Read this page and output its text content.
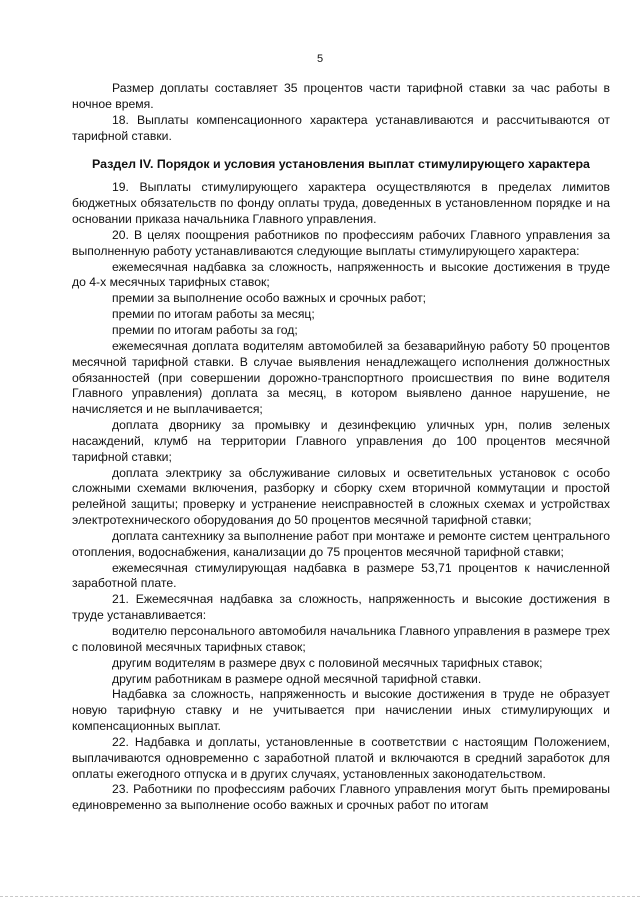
5

Размер доплаты составляет 35 процентов части тарифной ставки за час работы в ночное время.

18. Выплаты компенсационного характера устанавливаются и рассчитываются от тарифной ставки.

Раздел IV. Порядок и условия установления выплат стимулирующего характера

19. Выплаты стимулирующего характера осуществляются в пределах лимитов бюджетных обязательств по фонду оплаты труда, доведенных в установленном порядке и на основании приказа начальника Главного управления.

20. В целях поощрения работников по профессиям рабочих Главного управления за выполненную работу устанавливаются следующие выплаты стимулирующего характера:

ежемесячная надбавка за сложность, напряженность и высокие достижения в труде до 4-х месячных тарифных ставок;

премии за выполнение особо важных и срочных работ;

премии по итогам работы за месяц;

премии по итогам работы за год;

ежемесячная доплата водителям автомобилей за безаварийную работу 50 процентов месячной тарифной ставки. В случае выявления ненадлежащего исполнения должностных обязанностей (при совершении дорожно-транспортного происшествия по вине водителя Главного управления) доплата за месяц, в котором выявлено данное нарушение, не начисляется и не выплачивается;

доплата дворнику за промывку и дезинфекцию уличных урн, полив зеленых насаждений, клумб на территории Главного управления до 100 процентов месячной тарифной ставки;

доплата электрику за обслуживание силовых и осветительных установок с особо сложными схемами включения, разборку и сборку схем вторичной коммутации и простой релейной защиты; проверку и устранение неисправностей в сложных схемах и устройствах электротехнического оборудования до 50 процентов месячной тарифной ставки;

доплата сантехнику за выполнение работ при монтаже и ремонте систем центрального отопления, водоснабжения, канализации до 75 процентов месячной тарифной ставки;

ежемесячная стимулирующая надбавка в размере 53,71 процентов к начисленной заработной плате.

21. Ежемесячная надбавка за сложность, напряженность и высокие достижения в труде устанавливается:

водителю персонального автомобиля начальника Главного управления в размере трех с половиной месячных тарифных ставок;

другим водителям в размере двух с половиной месячных тарифных ставок;

другим работникам в размере одной месячной тарифной ставки.

Надбавка за сложность, напряженность и высокие достижения в труде не образует новую тарифную ставку и не учитывается при начислении иных стимулирующих и компенсационных выплат.

22. Надбавка и доплаты, установленные в соответствии с настоящим Положением, выплачиваются одновременно с заработной платой и включаются в средний заработок для оплаты ежегодного отпуска и в других случаях, установленных законодательством.

23. Работники по профессиям рабочих Главного управления могут быть премированы единовременно за выполнение особо важных и срочных работ по итогам
